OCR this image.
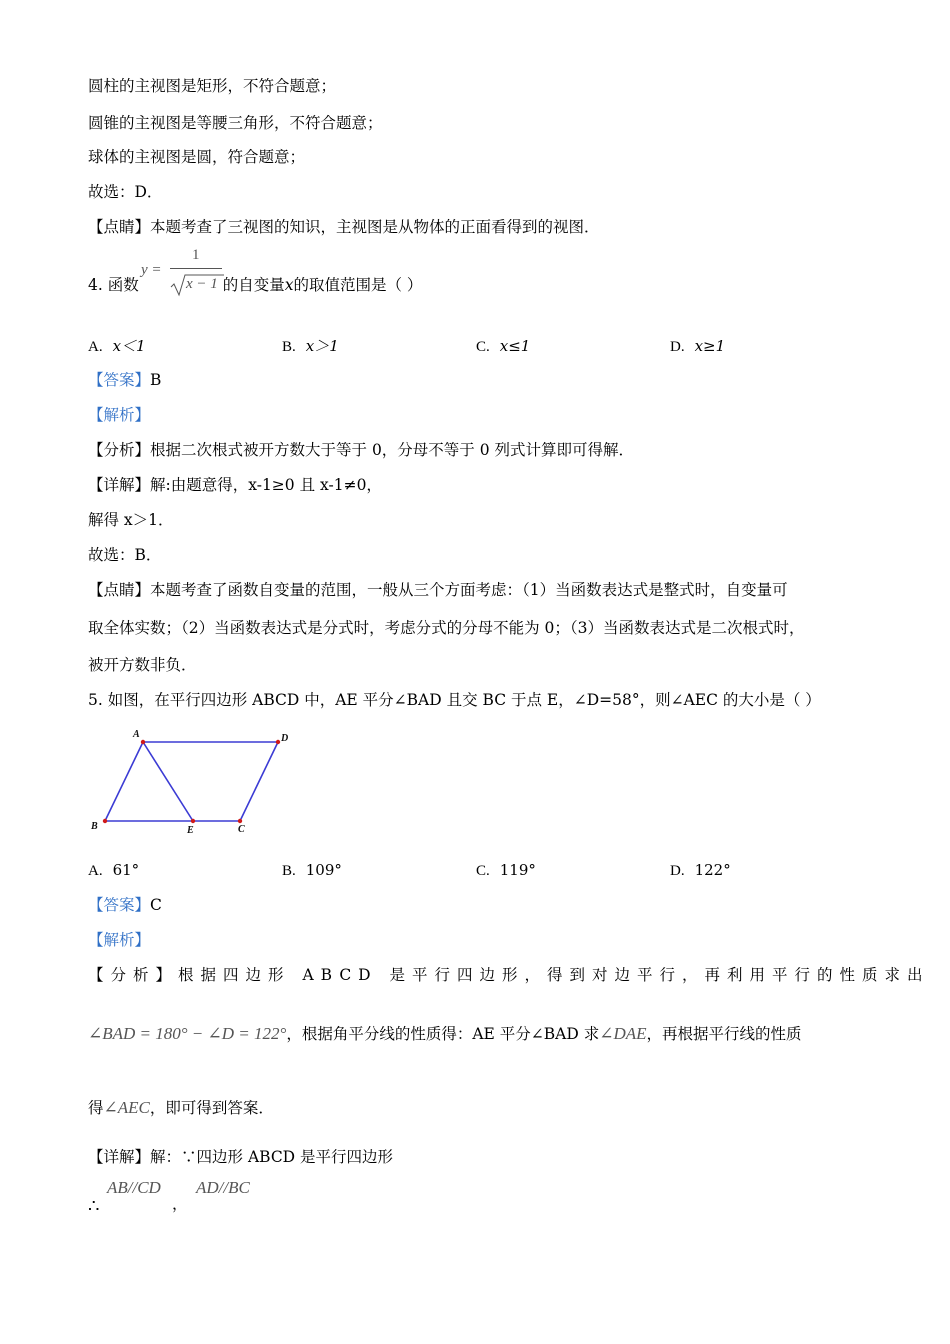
圆柱的主视图是矩形，不符合题意；
圆锥的主视图是等腰三角形，不符合题意；
球体的主视图是圆，符合题意；
故选：D．
【点睛】本题考查了三视图的知识，主视图是从物体的正面看得到的视图．
4. 函数	的自变量x的取值范围是（ ）
y =
1
x − 1
A. x＜1	B. x＞1	C. x≤1	D. x≥1
【答案】B
【解析】
【分析】根据二次根式被开方数大于等于 0，分母不等于 0 列式计算即可得解．
【详解】解:由题意得，x-1≥0 且 x-1≠0，
解得 x＞1．
故选：B．
【点睛】本题考查了函数自变量的范围，一般从三个方面考虑：（1）当函数表达式是整式时，自变量可
取全体实数；（2）当函数表达式是分式时，考虑分式的分母不能为 0；（3）当函数表达式是二次根式时，
被开方数非负．
5. 如图，在平行四边形 ABCD 中，AE 平分∠BAD 且交 BC 于点 E，∠D=58°，则∠AEC 的大小是（ ）
A	D
B	E	C
A. 61°	B. 109°	C. 119°	D. 122°
【答案】C
【解析】
【分析】根据四边形 ABCD 是平行四边形，得到对边平行，再利用平行的性质求出
∠BAD = 180° − ∠D = 122°，根据角平分线的性质得：AE 平分∠BAD 求∠DAE，再根据平行线的性质
得∠AEC，即可得到答案．
【详解】解：∵四边形 ABCD 是平行四边形
∴
AB//CD
，
AD//BC
